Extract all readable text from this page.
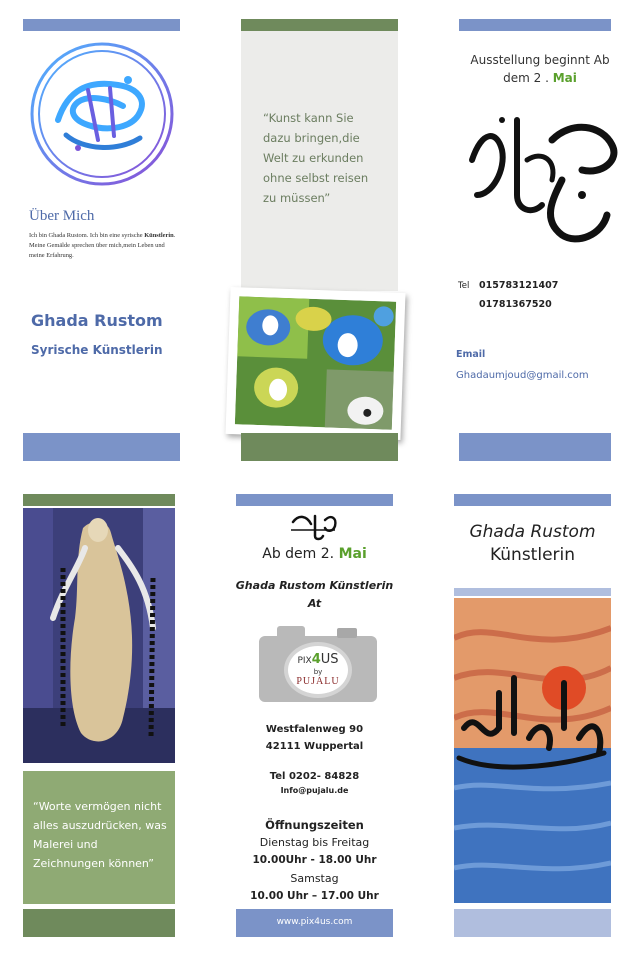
Über Mich
Ich bin Ghada Rustom. Ich bin eine syrische Künstlerin. Meine Gemälde sprechen über mich,mein Leben und meine Erfahrung.
Ghada Rustom
Syrische Künstlerin
“Kunst kann Sie dazu bringen,die Welt zu erkunden ohne selbst reisen zu müssen”
Ausstellung beginnt Ab
dem 2 . Mai
Tel 015783121407
01781367520
Email
Ghadaumjoud@gmail.com
“Worte vermögen nicht alles auszudrücken, was Malerei und Zeichnungen können”
Ab dem 2. Mai
Ghada Rustom Künstlerin
At
PIX4US
by
PUJALU
Westfalenweg 90
42111 Wuppertal
Tel 0202- 84828
Info@pujalu.de
Öffnungszeiten
Dienstag bis Freitag
10.00Uhr - 18.00 Uhr
Samstag
10.00 Uhr – 17.00 Uhr
www.pix4us.com
Ghada Rustom
Künstlerin
